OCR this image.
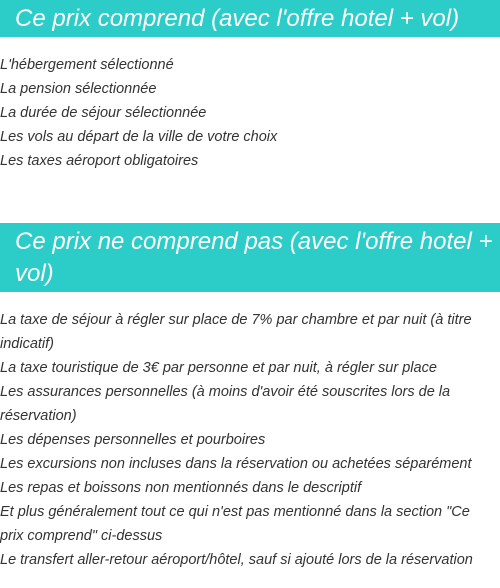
Ce prix comprend (avec l'offre hotel + vol)
L'hébergement sélectionné
La pension sélectionnée
La durée de séjour sélectionnée
Les vols au départ de la ville de votre choix
Les taxes aéroport obligatoires
Ce prix ne comprend pas (avec l'offre hotel + vol)
La taxe de séjour à régler sur place de 7% par chambre et par nuit (à titre indicatif)
La taxe touristique de 3€ par personne et par nuit, à régler sur place
Les assurances personnelles (à moins d'avoir été souscrites lors de la réservation)
Les dépenses personnelles et pourboires
Les excursions non incluses dans la réservation ou achetées séparément
Les repas et boissons non mentionnés dans le descriptif
Et plus généralement tout ce qui n'est pas mentionné dans la section "Ce prix comprend" ci-dessus
Le transfert aller-retour aéroport/hôtel, sauf si ajouté lors de la réservation
